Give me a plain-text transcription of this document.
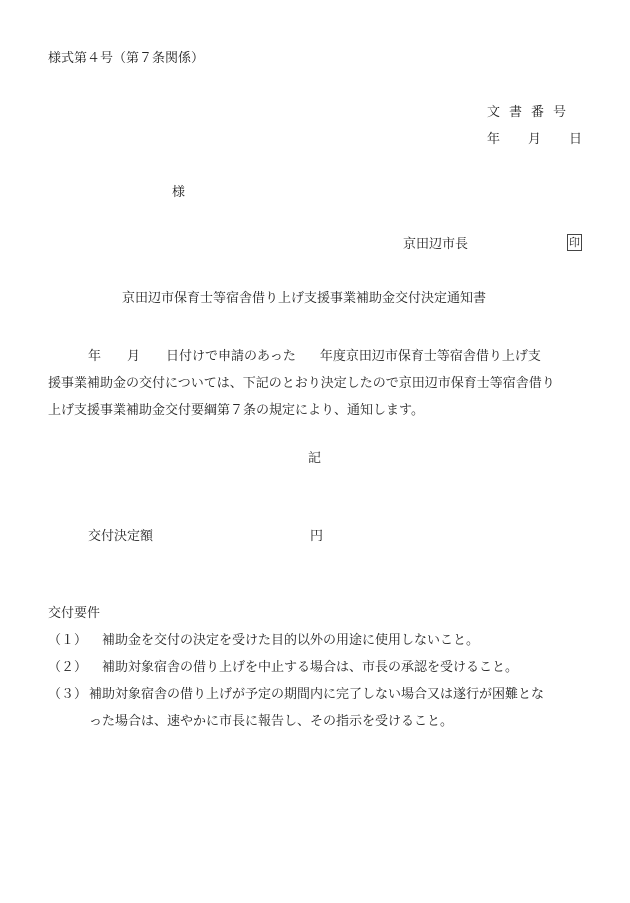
様式第４号（第７条関係）
文書番号
年 月 日
様
京田辺市長	印
京田辺市保育士等宿舎借り上げ支援事業補助金交付決定通知書
年 月 日付けで申請のあった 年度京田辺市保育士等宿舎借り上げ支
援事業補助金の交付については、下記のとおり決定したので京田辺市保育士等宿舎借り
上げ支援事業補助金交付要綱第７条の規定により、通知します。
記
交付決定額	円
交付要件
（１）	補助金を交付の決定を受けた目的以外の用途に使用しないこと。
（２）	補助対象宿舎の借り上げを中止する場合は、市長の承認を受けること。
（３） 補助対象宿舎の借り上げが予定の期間内に完了しない場合又は遂行が困難とな
った場合は、速やかに市長に報告し、その指示を受けること。
